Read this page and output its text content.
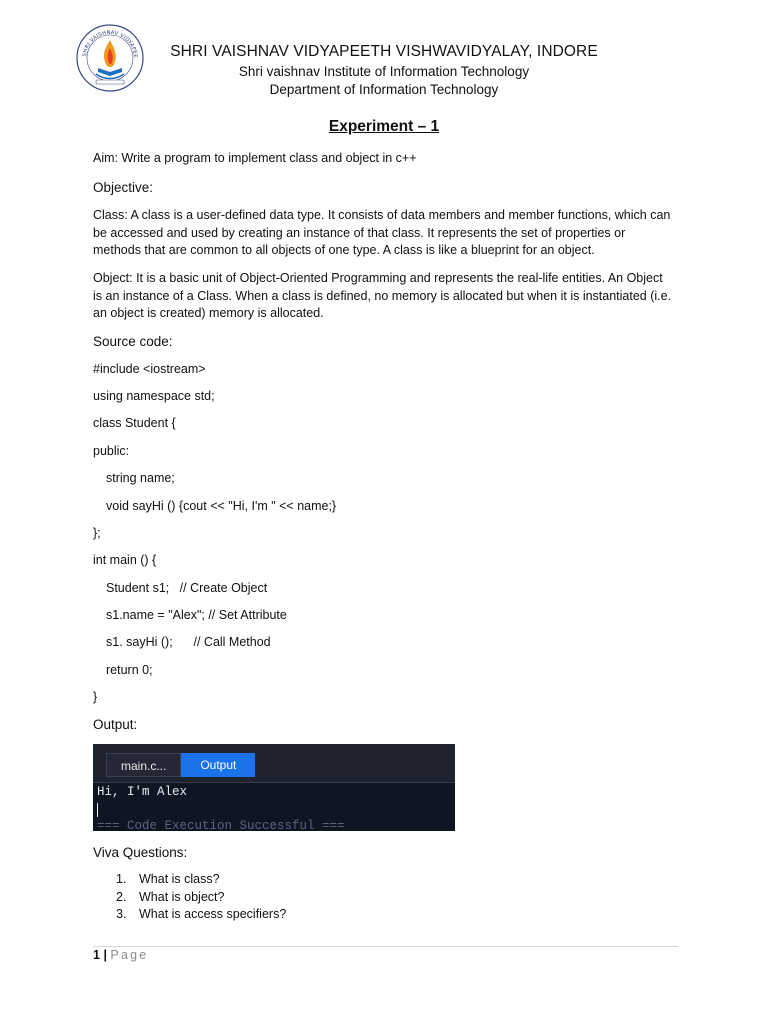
SHRI VAISHNAV VIDYAPEE	SHRI VAISHNAV VIDYAPEETH VISHWAVIDYALAY, INDORE
Shri vaishnav Institute of Information Technology
Department of Information Technology
Experiment – 1
Aim: Write a program to implement class and object in c++
Objective:
Class: A class is a user-defined data type. It consists of data members and member functions, which can be accessed and used by creating an instance of that class. It represents the set of properties or methods that are common to all objects of one type. A class is like a blueprint for an object.
Object: It is a basic unit of Object-Oriented Programming and represents the real-life entities. An Object is an instance of a Class. When a class is defined, no memory is allocated but when it is instantiated (i.e. an object is created) memory is allocated.
Source code:
#include <iostream>
using namespace std;
class Student {
public:
string name;
void sayHi () {cout << "Hi, I'm " << name;}
};
int main () {
Student s1;   // Create Object
s1.name = "Alex"; // Set Attribute
s1. sayHi ();      // Call Method
return 0;
}
Output:
main.c...	Output
Hi, I'm Alex
=== Code Execution Successful ===
Viva Questions:
1. What is class?
2. What is object?
3. What is access specifiers?
1 | Page
